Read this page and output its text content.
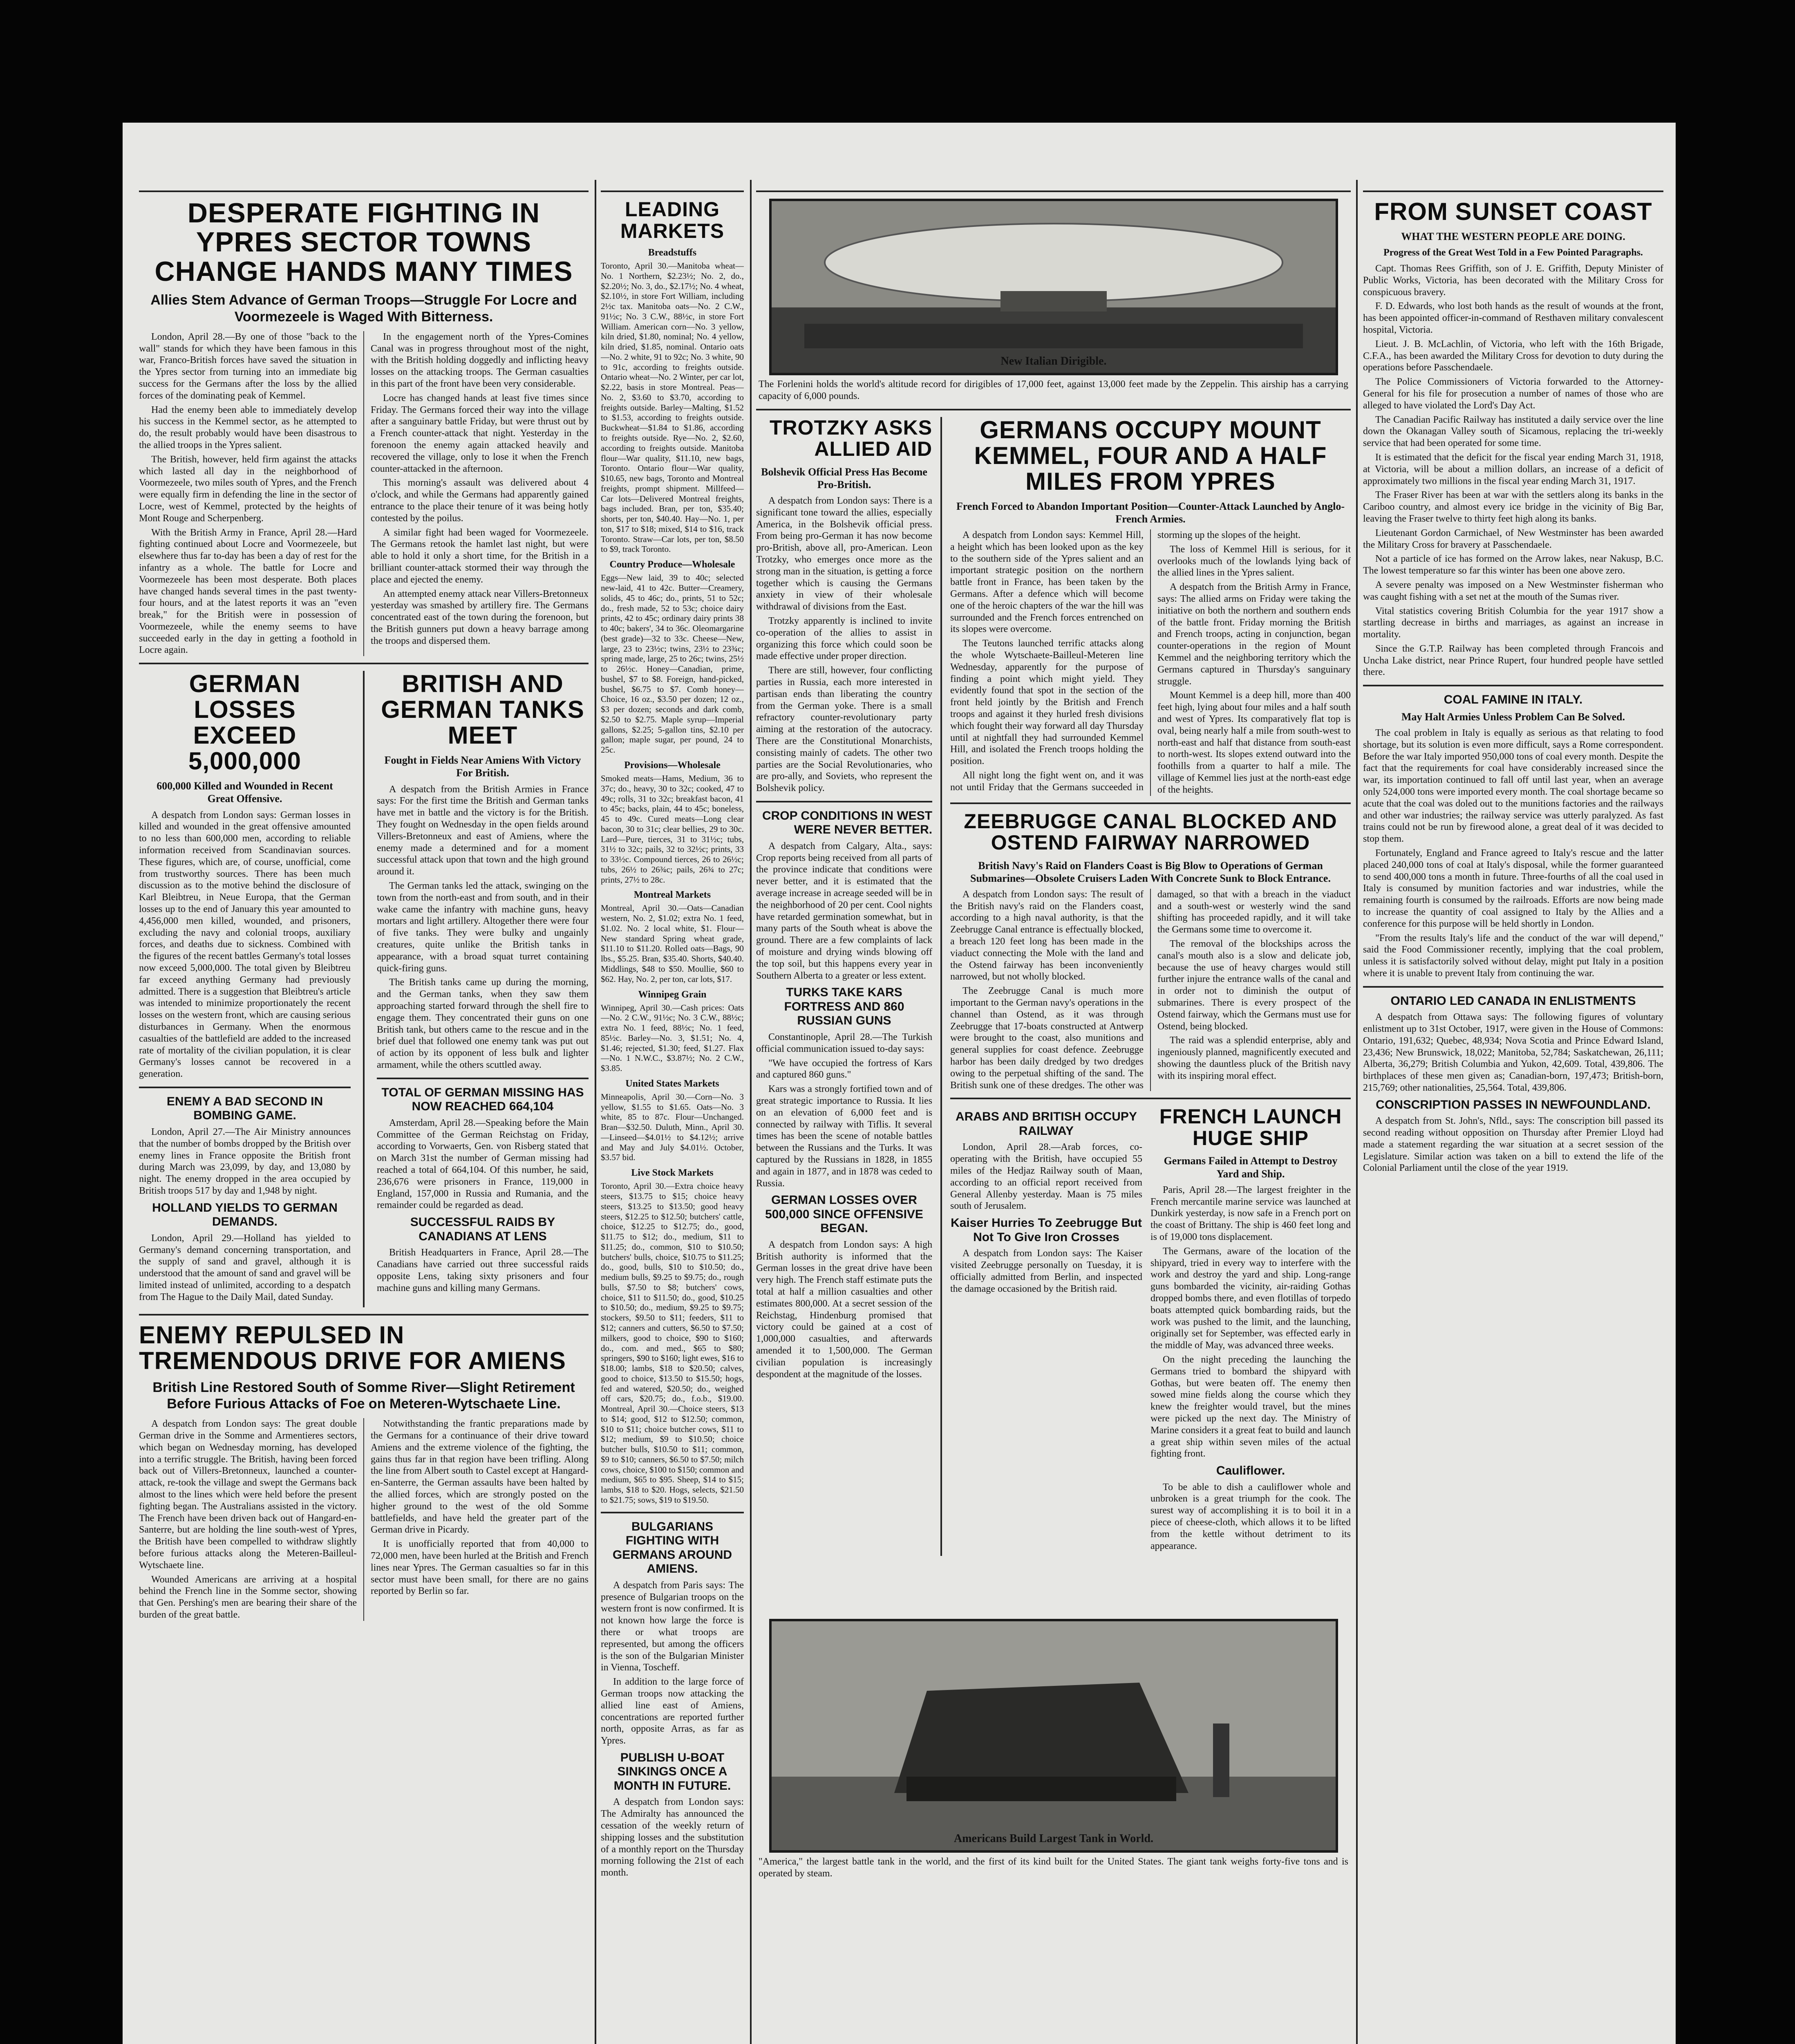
DESPERATE FIGHTING IN YPRES SECTOR TOWNS CHANGE HANDS MANY TIMES
Allies Stem Advance of German Troops—Struggle For Locre and Voormezeele is Waged With Bitterness.

London, April 28.—By one of those "back to the wall" stands for which they have been famous in this war, Franco-British forces have saved the situation in the Ypres sector from turning into an immediate big success for the Germans after the loss by the allied forces of the dominating peak of Kemmel.

Had the enemy been able to immediately develop his success in the Kemmel sector, as he attempted to do, the result probably would have been disastrous to the allied troops in the Ypres salient.

The British, however, held firm against the attacks which lasted all day in the neighborhood of Voormezeele, two miles south of Ypres, and the French were equally firm in defending the line in the sector of Locre, west of Kemmel, protected by the heights of Mont Rouge and Scherpenberg.

With the British Army in France, April 28.—Hard fighting continued about Locre and Voormezeele, but elsewhere thus far to-day has been a day of rest for the infantry as a whole. The battle for Locre and Voormezeele has been most desperate. Both places have changed hands several times in the past twenty-four hours, and at the latest reports it was an "even break," for the British were in possession of Voormezeele, while the enemy seems to have succeeded early in the day in getting a foothold in Locre again.

In the engagement north of the Ypres-Comines Canal was in progress throughout most of the night, with the British holding doggedly and inflicting heavy losses on the attacking troops. The German casualties in this part of the front have been very considerable.

Locre has changed hands at least five times since Friday. The Germans forced their way into the village after a sanguinary battle Friday, but were thrust out by a French counter-attack that night. Yesterday in the forenoon the enemy again attacked heavily and recovered the village, only to lose it when the French counter-attacked in the afternoon.

This morning's assault was delivered about 4 o'clock, and while the Germans had apparently gained entrance to the place their tenure of it was being hotly contested by the poilus.

A similar fight had been waged for Voormezeele. The Germans retook the hamlet last night, but were able to hold it only a short time, for the British in a brilliant counter-attack stormed their way through the place and ejected the enemy.

An attempted enemy attack near Villers-Bretonneux yesterday was smashed by artillery fire. The Germans concentrated east of the town during the forenoon, but the British gunners put down a heavy barrage among the troops and dispersed them.

GERMAN LOSSES EXCEED 5,000,000
600,000 Killed and Wounded in Recent Great Offensive.

A despatch from London says: German losses in killed and wounded in the great offensive amounted to no less than 600,000 men, according to reliable information received from Scandinavian sources. These figures, which are, of course, unofficial, come from trustworthy sources. There has been much discussion as to the motive behind the disclosure of Karl Bleibtreu, in Neue Europa, that the German losses up to the end of January this year amounted to 4,456,000 men killed, wounded, and prisoners, excluding the navy and colonial troops, auxiliary forces, and deaths due to sickness. Combined with the figures of the recent battles Germany's total losses now exceed 5,000,000. The total given by Bleibtreu far exceed anything Germany had previously admitted. There is a suggestion that Bleibtreu's article was intended to minimize proportionately the recent losses on the western front, which are causing serious disturbances in Germany. When the enormous casualties of the battlefield are added to the increased rate of mortality of the civilian population, it is clear Germany's losses cannot be recovered in a generation.

ENEMY A BAD SECOND IN BOMBING GAME.

London, April 27.—The Air Ministry announces that the number of bombs dropped by the British over enemy lines in France opposite the British front during March was 23,099, by day, and 13,080 by night. The enemy dropped in the area occupied by British troops 517 by day and 1,948 by night.

HOLLAND YIELDS TO GERMAN DEMANDS.

London, April 29.—Holland has yielded to Germany's demand concerning transportation, and the supply of sand and gravel, although it is understood that the amount of sand and gravel will be limited instead of unlimited, according to a despatch from The Hague to the Daily Mail, dated Sunday.

BRITISH AND GERMAN TANKS MEET
Fought in Fields Near Amiens With Victory For British.

A despatch from the British Armies in France says: For the first time the British and German tanks have met in battle and the victory is for the British. They fought on Wednesday in the open fields around Villers-Bretonneux and east of Amiens, where the enemy made a determined and for a moment successful attack upon that town and the high ground around it.

The German tanks led the attack, swinging on the town from the north-east and from south, and in their wake came the infantry with machine guns, heavy mortars and light artillery. Altogether there were four of five tanks. They were bulky and ungainly creatures, quite unlike the British tanks in appearance, with a broad squat turret containing quick-firing guns.

The British tanks came up during the morning, and the German tanks, when they saw them approaching started forward through the shell fire to engage them. They concentrated their guns on one British tank, but others came to the rescue and in the brief duel that followed one enemy tank was put out of action by its opponent of less bulk and lighter armament, while the others scuttled away.

TOTAL OF GERMAN MISSING HAS NOW REACHED 664,104

Amsterdam, April 28.—Speaking before the Main Committee of the German Reichstag on Friday, according to Vorwaerts, Gen. von Risberg stated that on March 31st the number of German missing had reached a total of 664,104. Of this number, he said, 236,676 were prisoners in France, 119,000 in England, 157,000 in Russia and Rumania, and the remainder could be regarded as dead.

SUCCESSFUL RAIDS BY CANADIANS AT LENS

British Headquarters in France, April 28.—The Canadians have carried out three successful raids opposite Lens, taking sixty prisoners and four machine guns and killing many Germans.

ENEMY REPULSED IN TREMENDOUS DRIVE FOR AMIENS
British Line Restored South of Somme River—Slight Retirement Before Furious Attacks of Foe on Meteren-Wytschaete Line.

A despatch from London says: The great double German drive in the Somme and Armentieres sectors, which began on Wednesday morning, has developed into a terrific struggle. The British, having been forced back out of Villers-Bretonneux, launched a counter-attack, re-took the village and swept the Germans back almost to the lines which were held before the present fighting began. The Australians assisted in the victory. The French have been driven back out of Hangard-en-Santerre, but are holding the line south-west of Ypres, the British have been compelled to withdraw slightly before furious attacks along the Meteren-Bailleul-Wytschaete line.

Wounded Americans are arriving at a hospital behind the French line in the Somme sector, showing that Gen. Pershing's men are bearing their share of the burden of the great battle.

Notwithstanding the frantic preparations made by the Germans for a continuance of their drive toward Amiens and the extreme violence of the fighting, the gains thus far in that region have been trifling. Along the line from Albert south to Castel except at Hangard-en-Santerre, the German assaults have been halted by the allied forces, which are strongly posted on the higher ground to the west of the old Somme battlefields, and have held the greater part of the German drive in Picardy.

It is unofficially reported that from 40,000 to 72,000 men, have been hurled at the British and French lines near Ypres. The German casualties so far in this sector must have been small, for there are no gains reported by Berlin so far.

LEADING MARKETS
Breadstuffs
Toronto, April 30.—Manitoba wheat—No. 1 Northern, $2.23½; No. 2, do., $2.20½; No. 3, do., $2.17½; No. 4 wheat, $2.10½, in store Fort William, including 2½c tax. Manitoba oats—No. 2 C.W., 91½c; No. 3 C.W., 88½c, in store Fort William. American corn—No. 3 yellow, kiln dried, $1.80, nominal; No. 4 yellow, kiln dried, $1.85, nominal. Ontario oats—No. 2 white, 91 to 92c; No. 3 white, 90 to 91c, according to freights outside. Ontario wheat—No. 2 Winter, per car lot, $2.22, basis in store Montreal. Peas—No. 2, $3.60 to $3.70, according to freights outside. Barley—Malting, $1.52 to $1.53, according to freights outside. Buckwheat—$1.84 to $1.86, according to freights outside. Rye—No. 2, $2.60, according to freights outside. Manitoba flour—War quality, $11.10, new bags, Toronto. Ontario flour—War quality, $10.65, new bags, Toronto and Montreal freights, prompt shipment. Millfeed—Car lots—Delivered Montreal freights, bags included. Bran, per ton, $35.40; shorts, per ton, $40.40. Hay—No. 1, per ton, $17 to $18; mixed, $14 to $16, track Toronto. Straw—Car lots, per ton, $8.50 to $9, track Toronto.
Country Produce—Wholesale
Eggs—New laid, 39 to 40c; selected new-laid, 41 to 42c. Butter—Creamery, solids, 45 to 46c; do., prints, 51 to 52c; do., fresh made, 52 to 53c; choice dairy prints, 42 to 45c; ordinary dairy prints 38 to 40c; bakers', 34 to 36c. Oleomargarine (best grade)—32 to 33c. Cheese—New, large, 23 to 23½c; twins, 23½ to 23¾c; spring made, large, 25 to 26c; twins, 25½ to 26½c. Honey—Canadian, prime, bushel, $7 to $8. Foreign, hand-picked, bushel, $6.75 to $7. Comb honey—Choice, 16 oz., $3.50 per dozen; 12 oz., $3 per dozen; seconds and dark comb, $2.50 to $2.75. Maple syrup—Imperial gallons, $2.25; 5-gallon tins, $2.10 per gallon; maple sugar, per pound, 24 to 25c.
Provisions—Wholesale
Smoked meats—Hams, Medium, 36 to 37c; do., heavy, 30 to 32c; cooked, 47 to 49c; rolls, 31 to 32c; breakfast bacon, 41 to 45c; backs, plain, 44 to 45c; boneless, 45 to 49c. Cured meats—Long clear bacon, 30 to 31c; clear bellies, 29 to 30c. Lard—Pure, tierces, 31 to 31½c; tubs, 31½ to 32c; pails, 32 to 32½c; prints, 33 to 33½c. Compound tierces, 26 to 26½c; tubs, 26½ to 26¾c; pails, 26¾ to 27c; prints, 27½ to 28c.
Montreal Markets
Montreal, April 30.—Oats—Canadian western, No. 2, $1.02; extra No. 1 feed, $1.02. No. 2 local white, $1. Flour—New standard Spring wheat grade, $11.10 to $11.20. Rolled oats—Bags, 90 lbs., $5.25. Bran, $35.40. Shorts, $40.40. Middlings, $48 to $50. Moullie, $60 to $62. Hay, No. 2, per ton, car lots, $17.
Winnipeg Grain
Winnipeg, April 30.—Cash prices: Oats—No. 2 C.W., 91½c; No. 3 C.W., 88½c; extra No. 1 feed, 88½c; No. 1 feed, 85½c. Barley—No. 3, $1.51; No. 4, $1.46; rejected, $1.30; feed, $1.27. Flax—No. 1 N.W.C., $3.87½; No. 2 C.W., $3.85.
United States Markets
Minneapolis, April 30.—Corn—No. 3 yellow, $1.55 to $1.65. Oats—No. 3 white, 85 to 87c. Flour—Unchanged. Bran—$32.50. Duluth, Minn., April 30.—Linseed—$4.01½ to $4.12½; arrive and May and July $4.01½. October, $3.57 bid.
Live Stock Markets
Toronto, April 30.—Extra choice heavy steers, $13.75 to $15; choice heavy steers, $13.25 to $13.50; good heavy steers, $12.25 to $12.50; butchers' cattle, choice, $12.25 to $12.75; do., good, $11.75 to $12; do., medium, $11 to $11.25; do., common, $10 to $10.50; butchers' bulls, choice, $10.75 to $11.25; do., good, bulls, $10 to $10.50; do., medium bulls, $9.25 to $9.75; do., rough bulls, $7.50 to $8; butchers' cows, choice, $11 to $11.50; do., good, $10.25 to $10.50; do., medium, $9.25 to $9.75; stockers, $9.50 to $11; feeders, $11 to $12; canners and cutters, $6.50 to $7.50; milkers, good to choice, $90 to $160; do., com. and med., $65 to $80; springers, $90 to $160; light ewes, $16 to $18.00; lambs, $18 to $20.50; calves, good to choice, $13.50 to $15.50; hogs, fed and watered, $20.50; do., weighed off cars, $20.75; do., f.o.b., $19.00. Montreal, April 30.—Choice steers, $13 to $14; good, $12 to $12.50; common, $10 to $11; choice butcher cows, $11 to $12; medium, $9 to $10.50; choice butcher bulls, $10.50 to $11; common, $9 to $10; canners, $6.50 to $7.50; milch cows, choice, $100 to $150; common and medium, $65 to $95. Sheep, $14 to $15; lambs, $18 to $20. Hogs, selects, $21.50 to $21.75; sows, $19 to $19.50.
BULGARIANS FIGHTING WITH GERMANS AROUND AMIENS.

A despatch from Paris says: The presence of Bulgarian troops on the western front is now confirmed. It is not known how large the force is there or what troops are represented, but among the officers is the son of the Bulgarian Minister in Vienna, Toscheff.

In addition to the large force of German troops now attacking the allied line east of Amiens, concentrations are reported further north, opposite Arras, as far as Ypres.

PUBLISH U-BOAT SINKINGS ONCE A MONTH IN FUTURE.

A despatch from London says: The Admiralty has announced the cessation of the weekly return of shipping losses and the substitution of a monthly report on the Thursday morning following the 21st of each month.

New Italian Dirigible.
The Forlenini holds the world's altitude record for dirigibles of 17,000 feet, against 13,000 feet made by the Zeppelin. This airship has a carrying capacity of 6,000 pounds.
TROTZKY ASKS ALLIED AID
Bolshevik Official Press Has Become Pro-British.

A despatch from London says: There is a significant tone toward the allies, especially America, in the Bolshevik official press. From being pro-German it has now become pro-British, above all, pro-American. Leon Trotzky, who emerges once more as the strong man in the situation, is getting a force together which is causing the Germans anxiety in view of their wholesale withdrawal of divisions from the East.

Trotzky apparently is inclined to invite co-operation of the allies to assist in organizing this force which could soon be made effective under proper direction.

There are still, however, four conflicting parties in Russia, each more interested in partisan ends than liberating the country from the German yoke. There is a small refractory counter-revolutionary party aiming at the restoration of the autocracy. There are the Constitutional Monarchists, consisting mainly of cadets. The other two parties are the Social Revolutionaries, who are pro-ally, and Soviets, who represent the Bolshevik policy.

CROP CONDITIONS IN WEST WERE NEVER BETTER.

A despatch from Calgary, Alta., says: Crop reports being received from all parts of the province indicate that conditions were never better, and it is estimated that the average increase in acreage seeded will be in the neighborhood of 20 per cent. Cool nights have retarded germination somewhat, but in many parts of the South wheat is above the ground. There are a few complaints of lack of moisture and drying winds blowing off the top soil, but this happens every year in Southern Alberta to a greater or less extent.

TURKS TAKE KARS FORTRESS AND 860 RUSSIAN GUNS

Constantinople, April 28.—The Turkish official communication issued to-day says:

"We have occupied the fortress of Kars and captured 860 guns."

Kars was a strongly fortified town and of great strategic importance to Russia. It lies on an elevation of 6,000 feet and is connected by railway with Tiflis. It several times has been the scene of notable battles between the Russians and the Turks. It was captured by the Russians in 1828, in 1855 and again in 1877, and in 1878 was ceded to Russia.

GERMAN LOSSES OVER 500,000 SINCE OFFENSIVE BEGAN.

A despatch from London says: A high British authority is informed that the German losses in the great drive have been very high. The French staff estimate puts the total at half a million casualties and other estimates 800,000. At a secret session of the Reichstag, Hindenburg promised that victory could be gained at a cost of 1,000,000 casualties, and afterwards amended it to 1,500,000. The German civilian population is increasingly despondent at the magnitude of the losses.

GERMANS OCCUPY MOUNT KEMMEL, FOUR AND A HALF MILES FROM YPRES
French Forced to Abandon Important Position—Counter-Attack Launched by Anglo-French Armies.

A despatch from London says: Kemmel Hill, a height which has been looked upon as the key to the southern side of the Ypres salient and an important strategic position on the northern battle front in France, has been taken by the Germans. After a defence which will become one of the heroic chapters of the war the hill was surrounded and the French forces entrenched on its slopes were overcome.

The Teutons launched terrific attacks along the whole Wytschaete-Bailleul-Meteren line Wednesday, apparently for the purpose of finding a point which might yield. They evidently found that spot in the section of the front held jointly by the British and French troops and against it they hurled fresh divisions which fought their way forward all day Thursday until at nightfall they had surrounded Kemmel Hill, and isolated the French troops holding the position.

All night long the fight went on, and it was not until Friday that the Germans succeeded in storming up the slopes of the height.

The loss of Kemmel Hill is serious, for it overlooks much of the lowlands lying back of the allied lines in the Ypres salient.

A despatch from the British Army in France, says: The allied arms on Friday were taking the initiative on both the northern and southern ends of the battle front. Friday morning the British and French troops, acting in conjunction, began counter-operations in the region of Mount Kemmel and the neighboring territory which the Germans captured in Thursday's sanguinary struggle.

Mount Kemmel is a deep hill, more than 400 feet high, lying about four miles and a half south and west of Ypres. Its comparatively flat top is oval, being nearly half a mile from south-west to north-east and half that distance from south-east to north-west. Its slopes extend outward into the foothills from a quarter to half a mile. The village of Kemmel lies just at the north-east edge of the heights.

ZEEBRUGGE CANAL BLOCKED AND OSTEND FAIRWAY NARROWED
British Navy's Raid on Flanders Coast is Big Blow to Operations of German Submarines—Obsolete Cruisers Laden With Concrete Sunk to Block Entrance.

A despatch from London says: The result of the British navy's raid on the Flanders coast, according to a high naval authority, is that the Zeebrugge Canal entrance is effectually blocked, a breach 120 feet long has been made in the viaduct connecting the Mole with the land and the Ostend fairway has been inconveniently narrowed, but not wholly blocked.

The Zeebrugge Canal is much more important to the German navy's operations in the channel than Ostend, as it was through Zeebrugge that 17-boats constructed at Antwerp were brought to the coast, also munitions and general supplies for coast defence. Zeebrugge harbor has been daily dredged by two dredges owing to the perpetual shifting of the sand. The British sunk one of these dredges. The other was damaged, so that with a breach in the viaduct and a south-west or westerly wind the sand shifting has proceeded rapidly, and it will take the Germans some time to overcome it.

The removal of the blockships across the canal's mouth also is a slow and delicate job, because the use of heavy charges would still further injure the entrance walls of the canal and in order not to diminish the output of submarines. There is every prospect of the Ostend fairway, which the Germans must use for Ostend, being blocked.

The raid was a splendid enterprise, ably and ingeniously planned, magnificently executed and showing the dauntless pluck of the British navy with its inspiring moral effect.

ARABS AND BRITISH OCCUPY RAILWAY

London, April 28.—Arab forces, co-operating with the British, have occupied 55 miles of the Hedjaz Railway south of Maan, according to an official report received from General Allenby yesterday. Maan is 75 miles south of Jerusalem.

Kaiser Hurries To Zeebrugge But Not To Give Iron Crosses

A despatch from London says: The Kaiser visited Zeebrugge personally on Tuesday, it is officially admitted from Berlin, and inspected the damage occasioned by the British raid.

FRENCH LAUNCH HUGE SHIP
Germans Failed in Attempt to Destroy Yard and Ship.

Paris, April 28.—The largest freighter in the French mercantile marine service was launched at Dunkirk yesterday, is now safe in a French port on the coast of Brittany. The ship is 460 feet long and is of 19,000 tons displacement.

The Germans, aware of the location of the shipyard, tried in every way to interfere with the work and destroy the yard and ship. Long-range guns bombarded the vicinity, air-raiding Gothas dropped bombs there, and even flotillas of torpedo boats attempted quick bombarding raids, but the work was pushed to the limit, and the launching, originally set for September, was effected early in the middle of May, was advanced three weeks.

On the night preceding the launching the Germans tried to bombard the shipyard with Gothas, but were beaten off. The enemy then sowed mine fields along the course which they knew the freighter would travel, but the mines were picked up the next day. The Ministry of Marine considers it a great feat to build and launch a great ship within seven miles of the actual fighting front.

Cauliflower.

To be able to dish a cauliflower whole and unbroken is a great triumph for the cook. The surest way of accomplishing it is to boil it in a piece of cheese-cloth, which allows it to be lifted from the kettle without detriment to its appearance.

Americans Build Largest Tank in World.
"America," the largest battle tank in the world, and the first of its kind built for the United States. The giant tank weighs forty-five tons and is operated by steam.
FROM SUNSET COAST
WHAT THE WESTERN PEOPLE ARE DOING.
Progress of the Great West Told in a Few Pointed Paragraphs.

Capt. Thomas Rees Griffith, son of J. E. Griffith, Deputy Minister of Public Works, Victoria, has been decorated with the Military Cross for conspicuous bravery.

F. D. Edwards, who lost both hands as the result of wounds at the front, has been appointed officer-in-command of Resthaven military convalescent hospital, Victoria.

Lieut. J. B. McLachlin, of Victoria, who left with the 16th Brigade, C.F.A., has been awarded the Military Cross for devotion to duty during the operations before Passchendaele.

The Police Commissioners of Victoria forwarded to the Attorney-General for his file for prosecution a number of names of those who are alleged to have violated the Lord's Day Act.

The Canadian Pacific Railway has instituted a daily service over the line down the Okanagan Valley south of Sicamous, replacing the tri-weekly service that had been operated for some time.

It is estimated that the deficit for the fiscal year ending March 31, 1918, at Victoria, will be about a million dollars, an increase of a deficit of approximately two millions in the fiscal year ending March 31, 1917.

The Fraser River has been at war with the settlers along its banks in the Cariboo country, and almost every ice bridge in the vicinity of Big Bar, leaving the Fraser twelve to thirty feet high along its banks.

Lieutenant Gordon Carmichael, of New Westminster has been awarded the Military Cross for bravery at Passchendaele.

Not a particle of ice has formed on the Arrow lakes, near Nakusp, B.C. The lowest temperature so far this winter has been one above zero.

A severe penalty was imposed on a New Westminster fisherman who was caught fishing with a set net at the mouth of the Sumas river.

Vital statistics covering British Columbia for the year 1917 show a startling decrease in births and marriages, as against an increase in mortality.

Since the G.T.P. Railway has been completed through Francois and Uncha Lake district, near Prince Rupert, four hundred people have settled there.

COAL FAMINE IN ITALY.
May Halt Armies Unless Problem Can Be Solved.

The coal problem in Italy is equally as serious as that relating to food shortage, but its solution is even more difficult, says a Rome correspondent. Before the war Italy imported 950,000 tons of coal every month. Despite the fact that the requirements for coal have considerably increased since the war, its importation continued to fall off until last year, when an average only 524,000 tons were imported every month. The coal shortage became so acute that the coal was doled out to the munitions factories and the railways and other war industries; the railway service was utterly paralyzed. As fast trains could not be run by firewood alone, a great deal of it was decided to stop them.

Fortunately, England and France agreed to Italy's rescue and the latter placed 240,000 tons of coal at Italy's disposal, while the former guaranteed to send 400,000 tons a month in future. Three-fourths of all the coal used in Italy is consumed by munition factories and war industries, while the remaining fourth is consumed by the railroads. Efforts are now being made to increase the quantity of coal assigned to Italy by the Allies and a conference for this purpose will be held shortly in London.

"From the results Italy's life and the conduct of the war will depend," said the Food Commissioner recently, implying that the coal problem, unless it is satisfactorily solved without delay, might put Italy in a position where it is unable to prevent Italy from continuing the war.

ONTARIO LED CANADA IN ENLISTMENTS

A despatch from Ottawa says: The following figures of voluntary enlistment up to 31st October, 1917, were given in the House of Commons: Ontario, 191,632; Quebec, 48,934; Nova Scotia and Prince Edward Island, 23,436; New Brunswick, 18,022; Manitoba, 52,784; Saskatchewan, 26,111; Alberta, 36,279; British Columbia and Yukon, 42,609. Total, 439,806. The birthplaces of these men given as; Canadian-born, 197,473; British-born, 215,769; other nationalities, 25,564. Total, 439,806.

CONSCRIPTION PASSES IN NEWFOUNDLAND.

A despatch from St. John's, Nfld., says: The conscription bill passed its second reading without opposition on Thursday after Premier Lloyd had made a statement regarding the war situation at a secret session of the Legislature. Similar action was taken on a bill to extend the life of the Colonial Parliament until the close of the year 1919.
